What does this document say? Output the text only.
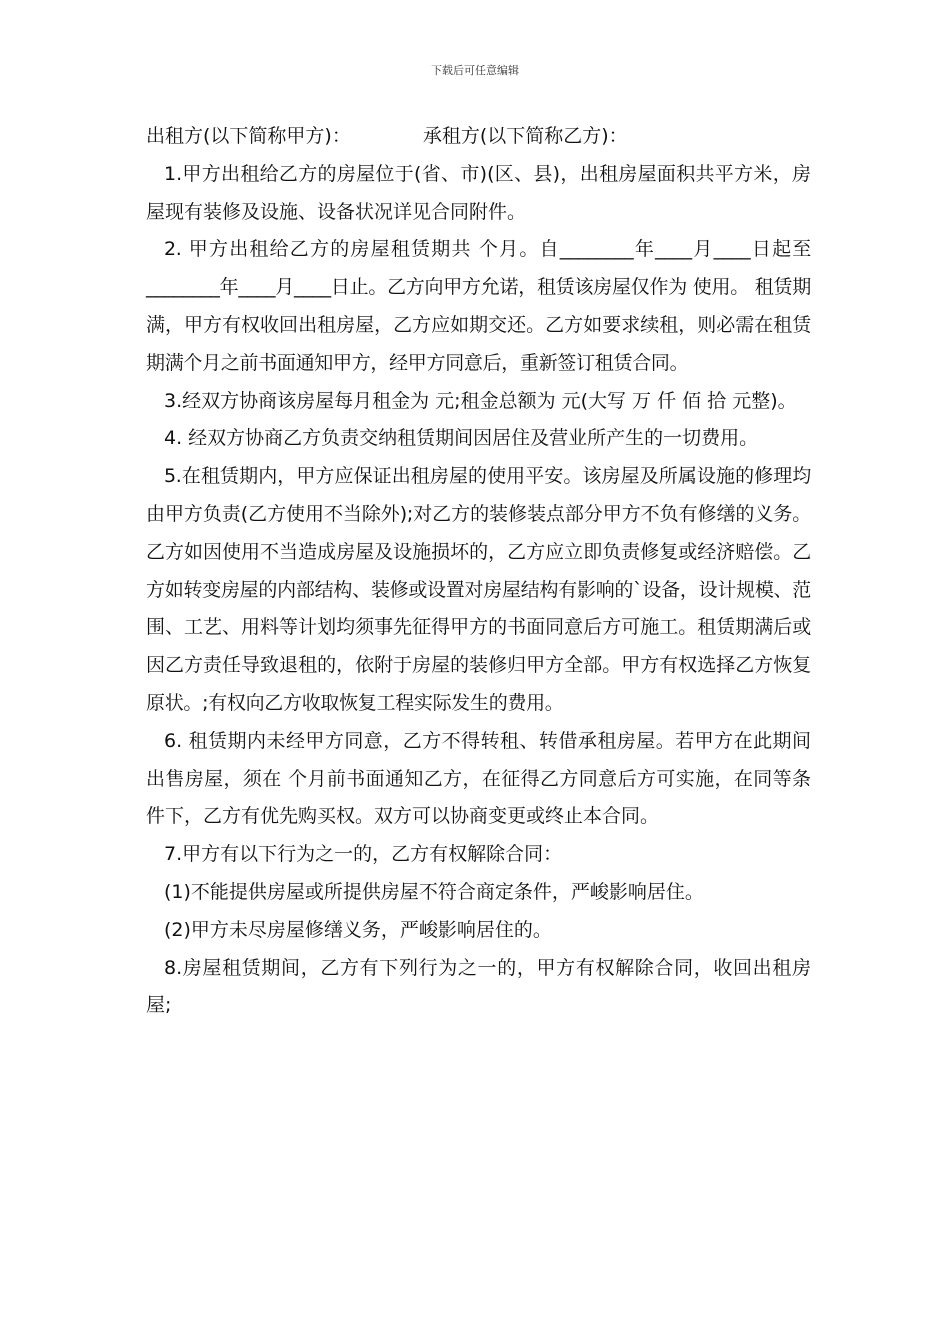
下载后可任意编辑

出租方(以下简称甲方)：	承租方(以下简称乙方)：

1.甲方出租给乙方的房屋位于(省、市)(区、县)，出租房屋面积共平方米，房屋现有装修及设施、设备状况详见合同附件。

2. 甲方出租给乙方的房屋租赁期共 个月。自________年____月____日起至________年____月____日止。乙方向甲方允诺，租赁该房屋仅作为 使用。 租赁期满，甲方有权收回出租房屋，乙方应如期交还。乙方如要求续租，则必需在租赁期满个月之前书面通知甲方，经甲方同意后，重新签订租赁合同。

3.经双方协商该房屋每月租金为 元;租金总额为 元(大写 万 仟 佰 拾 元整)。

4. 经双方协商乙方负责交纳租赁期间因居住及营业所产生的一切费用。

5.在租赁期内，甲方应保证出租房屋的使用平安。该房屋及所属设施的修理均由甲方负责(乙方使用不当除外);对乙方的装修装点部分甲方不负有修缮的义务。乙方如因使用不当造成房屋及设施损坏的，乙方应立即负责修复或经济赔偿。乙方如转变房屋的内部结构、装修或设置对房屋结构有影响的`设备，设计规模、范围、工艺、用料等计划均须事先征得甲方的书面同意后方可施工。租赁期满后或因乙方责任导致退租的，依附于房屋的装修归甲方全部。甲方有权选择乙方恢复原状。;有权向乙方收取恢复工程实际发生的费用。

6. 租赁期内未经甲方同意，乙方不得转租、转借承租房屋。若甲方在此期间出售房屋，须在 个月前书面通知乙方，在征得乙方同意后方可实施，在同等条件下，乙方有优先购买权。双方可以协商变更或终止本合同。

7.甲方有以下行为之一的，乙方有权解除合同：

(1)不能提供房屋或所提供房屋不符合商定条件，严峻影响居住。

(2)甲方未尽房屋修缮义务，严峻影响居住的。

8.房屋租赁期间，乙方有下列行为之一的，甲方有权解除合同，收回出租房屋;
